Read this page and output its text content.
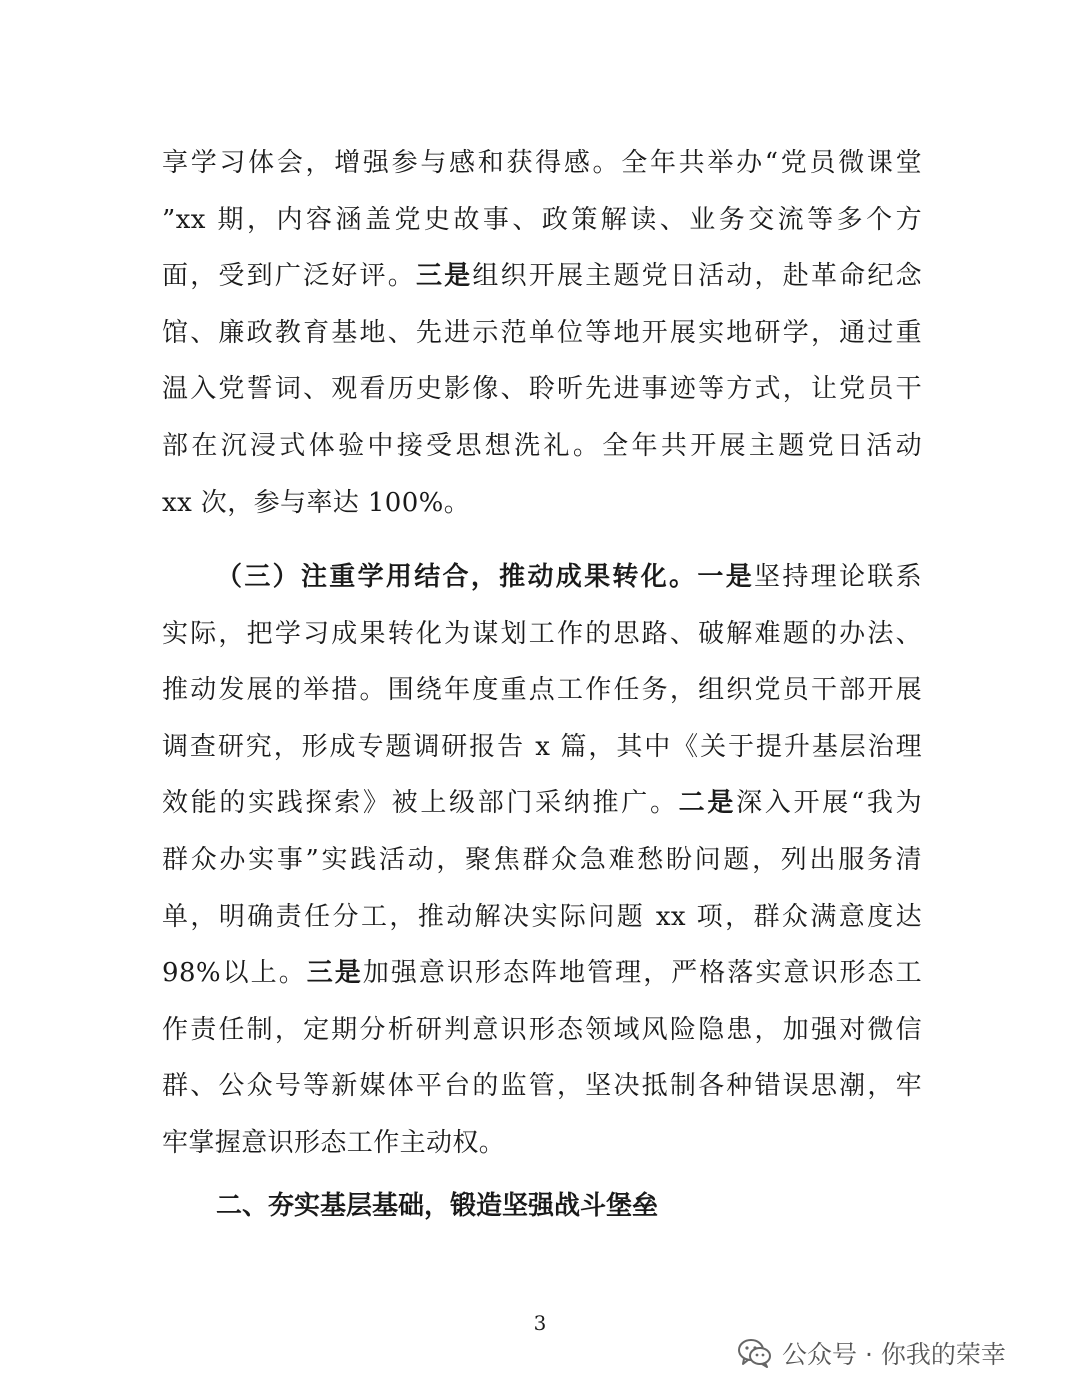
享学习体会，增强参与感和获得感。全年共举办“党员微课堂
”xx 期，内容涵盖党史故事、政策解读、业务交流等多个方
面，受到广泛好评。三是组织开展主题党日活动，赴革命纪念
馆、廉政教育基地、先进示范单位等地开展实地研学，通过重
温入党誓词、观看历史影像、聆听先进事迹等方式，让党员干
部在沉浸式体验中接受思想洗礼。全年共开展主题党日活动
xx 次，参与率达 100%。
（三）注重学用结合，推动成果转化。一是坚持理论联系
实际，把学习成果转化为谋划工作的思路、破解难题的办法、
推动发展的举措。围绕年度重点工作任务，组织党员干部开展
调查研究，形成专题调研报告 x 篇，其中《关于提升基层治理
效能的实践探索》被上级部门采纳推广。二是深入开展“我为
群众办实事”实践活动，聚焦群众急难愁盼问题，列出服务清
单，明确责任分工，推动解决实际问题 xx 项，群众满意度达
98%以上。三是加强意识形态阵地管理，严格落实意识形态工
作责任制，定期分析研判意识形态领域风险隐患，加强对微信
群、公众号等新媒体平台的监管，坚决抵制各种错误思潮，牢
牢掌握意识形态工作主动权。
二、夯实基层基础，锻造坚强战斗堡垒
3
公众号 · 你我的荣幸
